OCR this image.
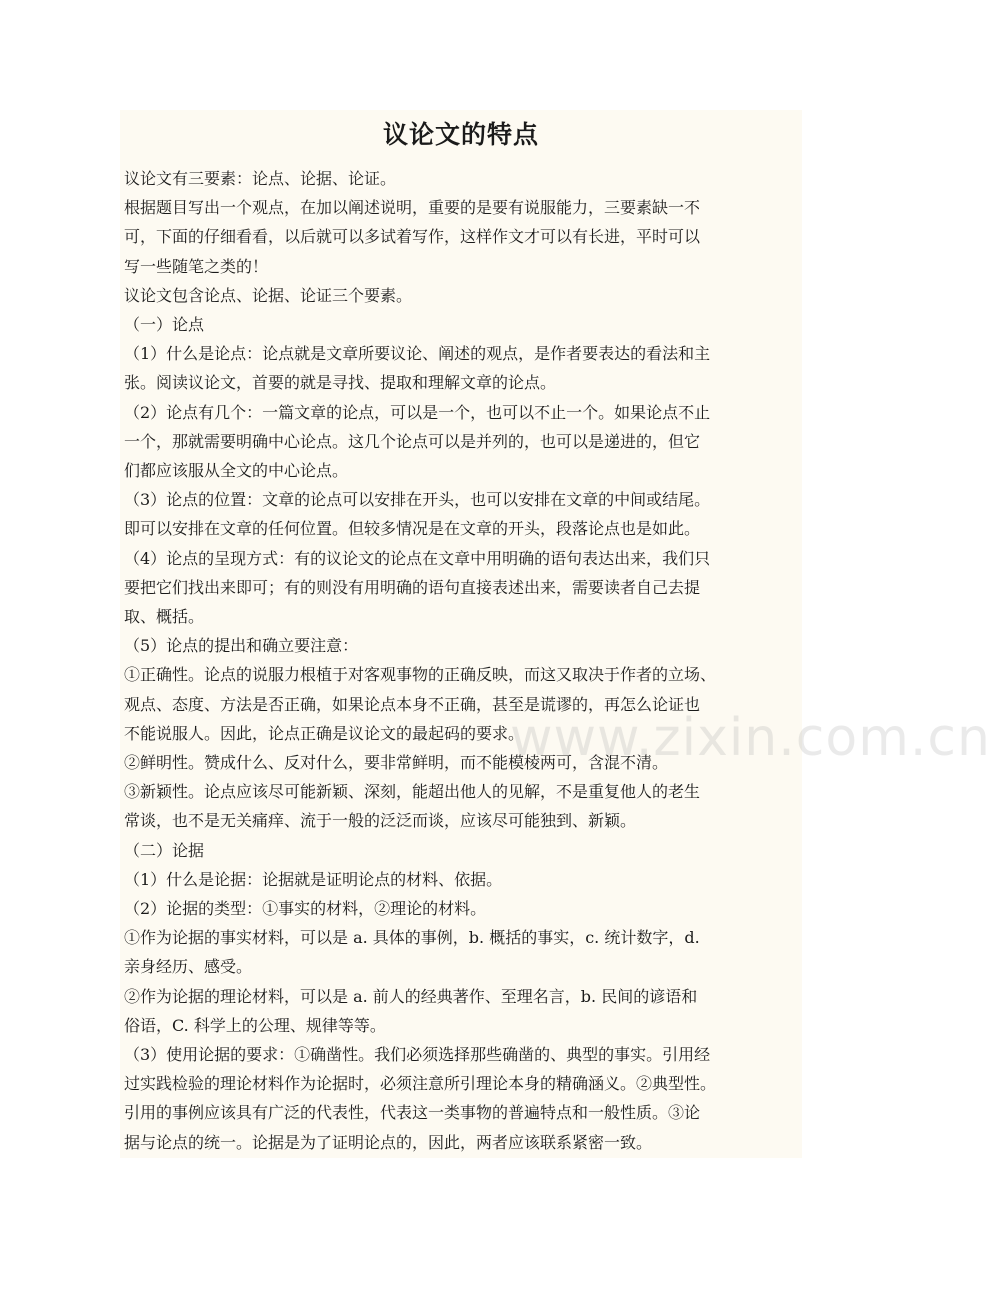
议论文的特点
议论文有三要素：论点、论据、论证。
根据题目写出一个观点，在加以阐述说明，重要的是要有说服能力，三要素缺一不
可，下面的仔细看看，以后就可以多试着写作，这样作文才可以有长进，平时可以
写一些随笔之类的！
议论文包含论点、论据、论证三个要素。
（一）论点
（1）什么是论点：论点就是文章所要议论、阐述的观点，是作者要表达的看法和主
张。阅读议论文，首要的就是寻找、提取和理解文章的论点。
（2）论点有几个：一篇文章的论点，可以是一个，也可以不止一个。如果论点不止
一个，那就需要明确中心论点。这几个论点可以是并列的，也可以是递进的，但它
们都应该服从全文的中心论点。
（3）论点的位置：文章的论点可以安排在开头，也可以安排在文章的中间或结尾。
即可以安排在文章的任何位置。但较多情况是在文章的开头，段落论点也是如此。
（4）论点的呈现方式：有的议论文的论点在文章中用明确的语句表达出来，我们只
要把它们找出来即可；有的则没有用明确的语句直接表述出来，需要读者自己去提
取、概括。
（5）论点的提出和确立要注意：
①正确性。论点的说服力根植于对客观事物的正确反映，而这又取决于作者的立场、
观点、态度、方法是否正确，如果论点本身不正确，甚至是谎谬的，再怎么论证也
不能说服人。因此，论点正确是议论文的最起码的要求。
②鲜明性。赞成什么、反对什么，要非常鲜明，而不能模棱两可，含混不清。
③新颖性。论点应该尽可能新颖、深刻，能超出他人的见解，不是重复他人的老生
常谈，也不是无关痛痒、流于一般的泛泛而谈，应该尽可能独到、新颖。
（二）论据
（1）什么是论据：论据就是证明论点的材料、依据。
（2）论据的类型：①事实的材料，②理论的材料。
①作为论据的事实材料，可以是 a. 具体的事例，b. 概括的事实，c. 统计数字，d.
亲身经历、感受。
②作为论据的理论材料，可以是 a. 前人的经典著作、至理名言，b. 民间的谚语和
俗语，C. 科学上的公理、规律等等。
（3）使用论据的要求：①确凿性。我们必须选择那些确凿的、典型的事实。引用经
过实践检验的理论材料作为论据时，必须注意所引理论本身的精确涵义。②典型性。
引用的事例应该具有广泛的代表性，代表这一类事物的普遍特点和一般性质。③论
据与论点的统一。论据是为了证明论点的，因此，两者应该联系紧密一致。
www.zixin.com.cn
